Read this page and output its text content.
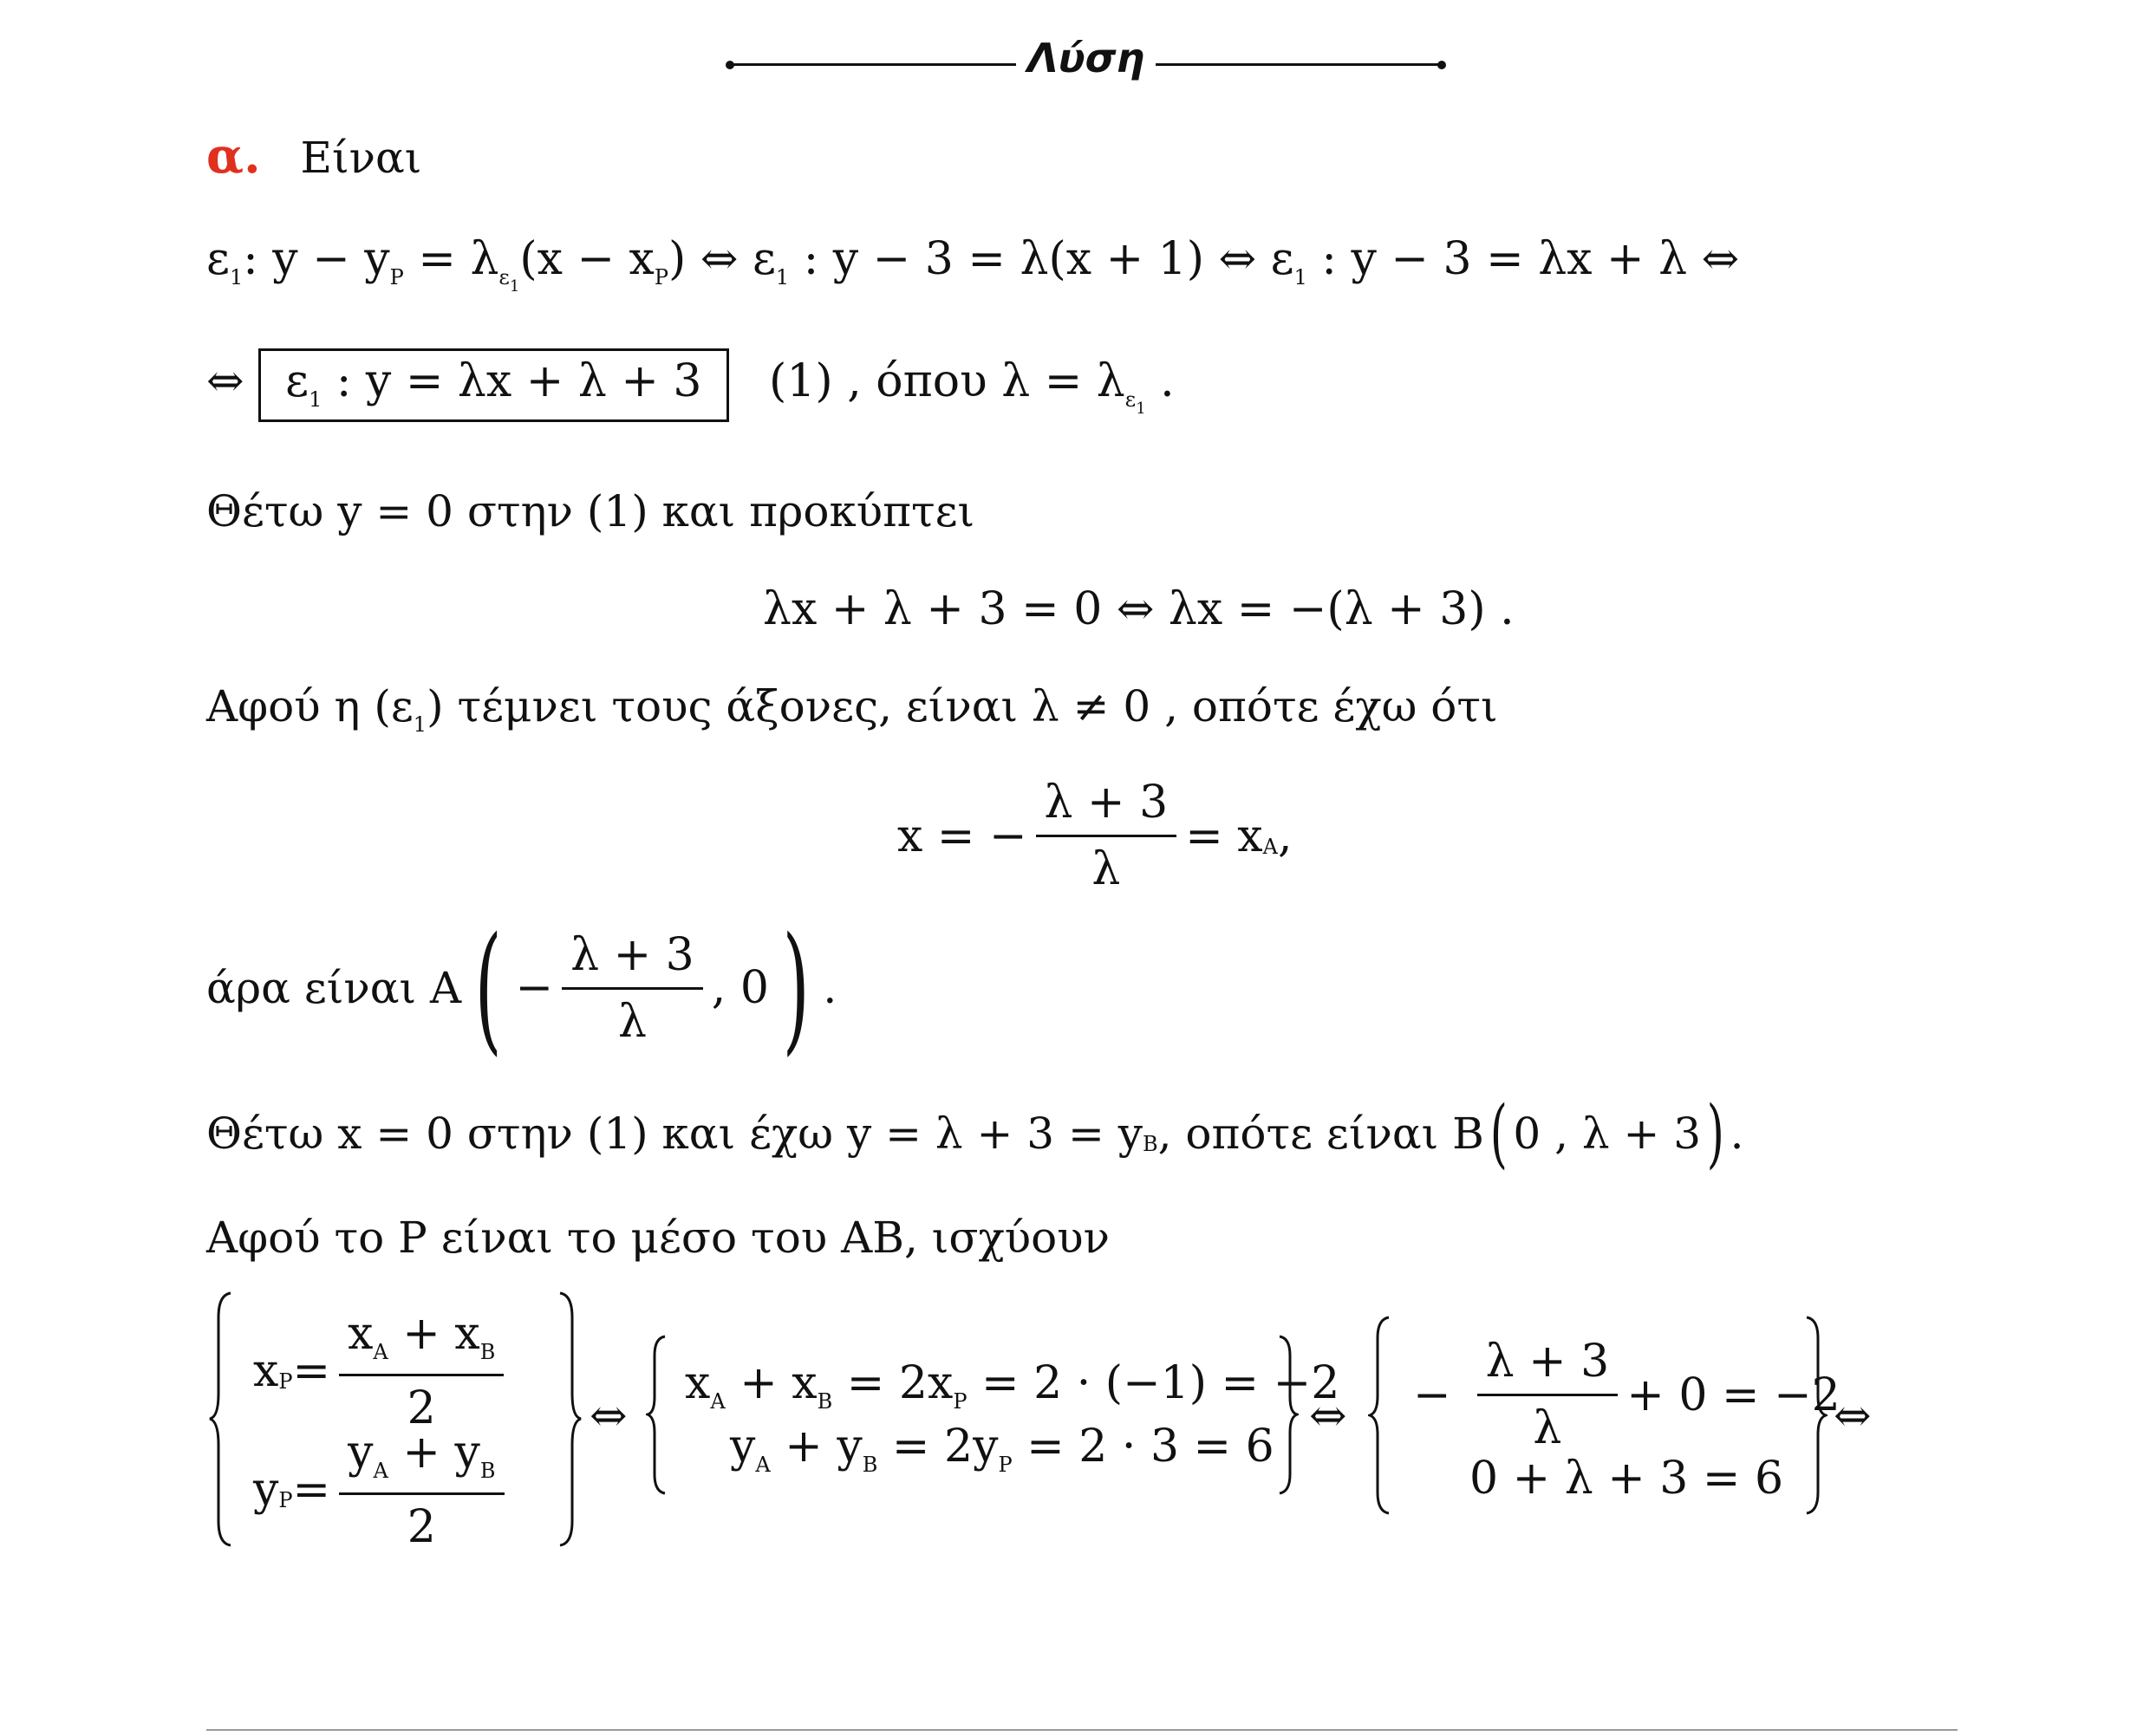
Λύση
α. Είναι
$\varepsilon_1$: $y - y_P = \lambda_{\varepsilon_1}(x - x_P)$ ⇔ $\varepsilon_1$ : y − 3 = λ(x + 1) ⇔ $\varepsilon_1$ : y − 3 = λx + λ ⇔
⇔ $\varepsilon_1$ : y = λx + λ + 3 (1) , όπου $\lambda = \lambda_{\varepsilon_1}$ .
Θέτω y = 0 στην (1) και προκύπτει
λx + λ + 3 = 0 ⇔ λx = −(λ + 3) .
Αφού η $(\varepsilon_1)$ τέμνει τους άξονες, είναι λ ≠ 0 , οπότε έχω ότι
x = − $\frac{\lambda + 3}{\lambda} = x$ A ,
άρα είναι A ( − $\frac{\lambda + 3}{\lambda}$ , 0 ) .
Θέτω x = 0 στην (1) και έχω y = λ + 3 = y B , οπότε είναι B ( 0 , λ + 3 ) .
Αφού το P είναι το μέσο του AB, ισχύουν
x $P = \frac{x_A + x_B}{2}$
y $P = \frac{y_A + y_B}{2}$
⇔
$x_A + x_B = 2x_P = 2 \cdot (-1) = -2$
$y_A + y_B = 2y_P = 2 \cdot 3 = 6$
⇔ − $\frac{\lambda + 3}{\lambda} + 0 = -2$
0 + λ + 3 = 6
⇔
